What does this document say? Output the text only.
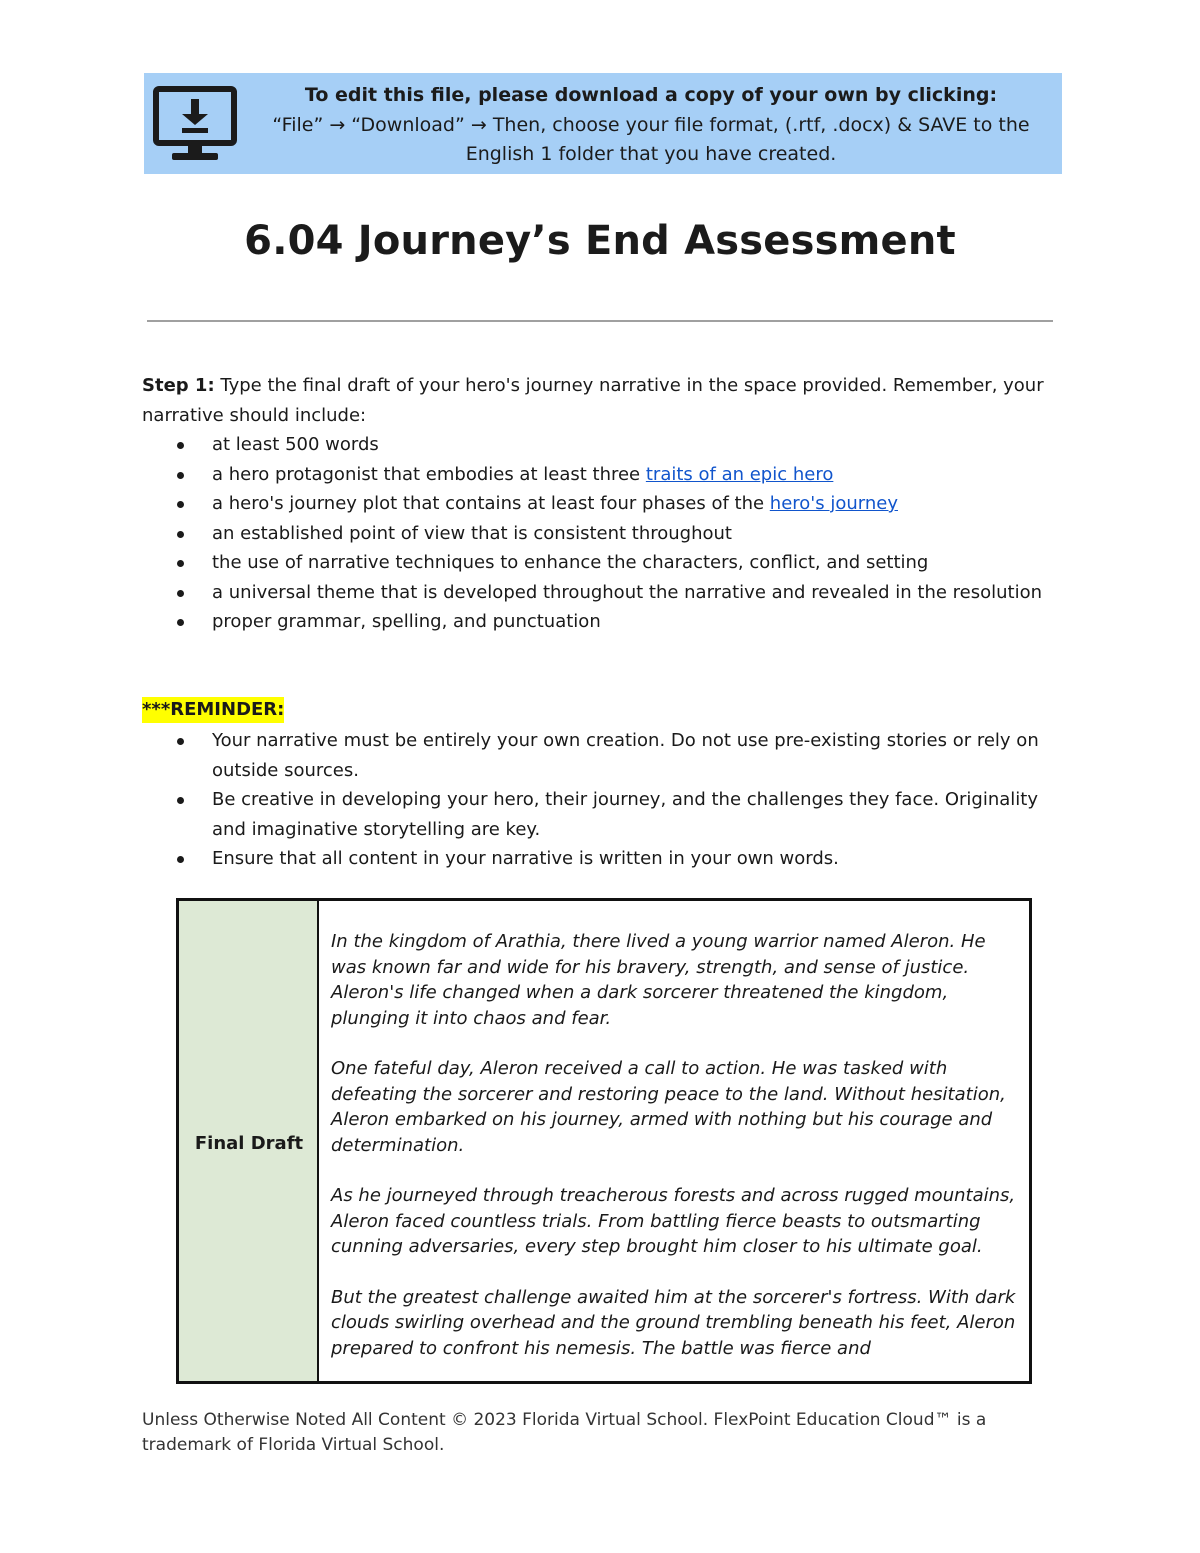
To edit this file, please download a copy of your own by clicking:
“File” → “Download” → Then, choose your file format, (.rtf, .docx) & SAVE to the
English 1 folder that you have created.
6.04 Journey’s End Assessment
Step 1: Type the final draft of your hero's journey narrative in the space provided. Remember, your narrative should include:
at least 500 words
a hero protagonist that embodies at least three traits of an epic hero
a hero's journey plot that contains at least four phases of the hero's journey
an established point of view that is consistent throughout
the use of narrative techniques to enhance the characters, conflict, and setting
a universal theme that is developed throughout the narrative and revealed in the resolution
proper grammar, spelling, and punctuation
***REMINDER:
Your narrative must be entirely your own creation. Do not use pre-existing stories or rely on outside sources.
Be creative in developing your hero, their journey, and the challenges they face. Originality and imaginative storytelling are key.
Ensure that all content in your narrative is written in your own words.
Final Draft

In the kingdom of Arathia, there lived a young warrior named Aleron. He was known far and wide for his bravery, strength, and sense of justice. Aleron's life changed when a dark sorcerer threatened the kingdom, plunging it into chaos and fear.

One fateful day, Aleron received a call to action. He was tasked with defeating the sorcerer and restoring peace to the land. Without hesitation, Aleron embarked on his journey, armed with nothing but his courage and determination.

As he journeyed through treacherous forests and across rugged mountains, Aleron faced countless trials. From battling fierce beasts to outsmarting cunning adversaries, every step brought him closer to his ultimate goal.

But the greatest challenge awaited him at the sorcerer's fortress. With dark clouds swirling overhead and the ground trembling beneath his feet, Aleron prepared to confront his nemesis. The battle was fierce and

Unless Otherwise Noted All Content © 2023 Florida Virtual School. FlexPoint Education Cloud™ is a trademark of Florida Virtual School.
